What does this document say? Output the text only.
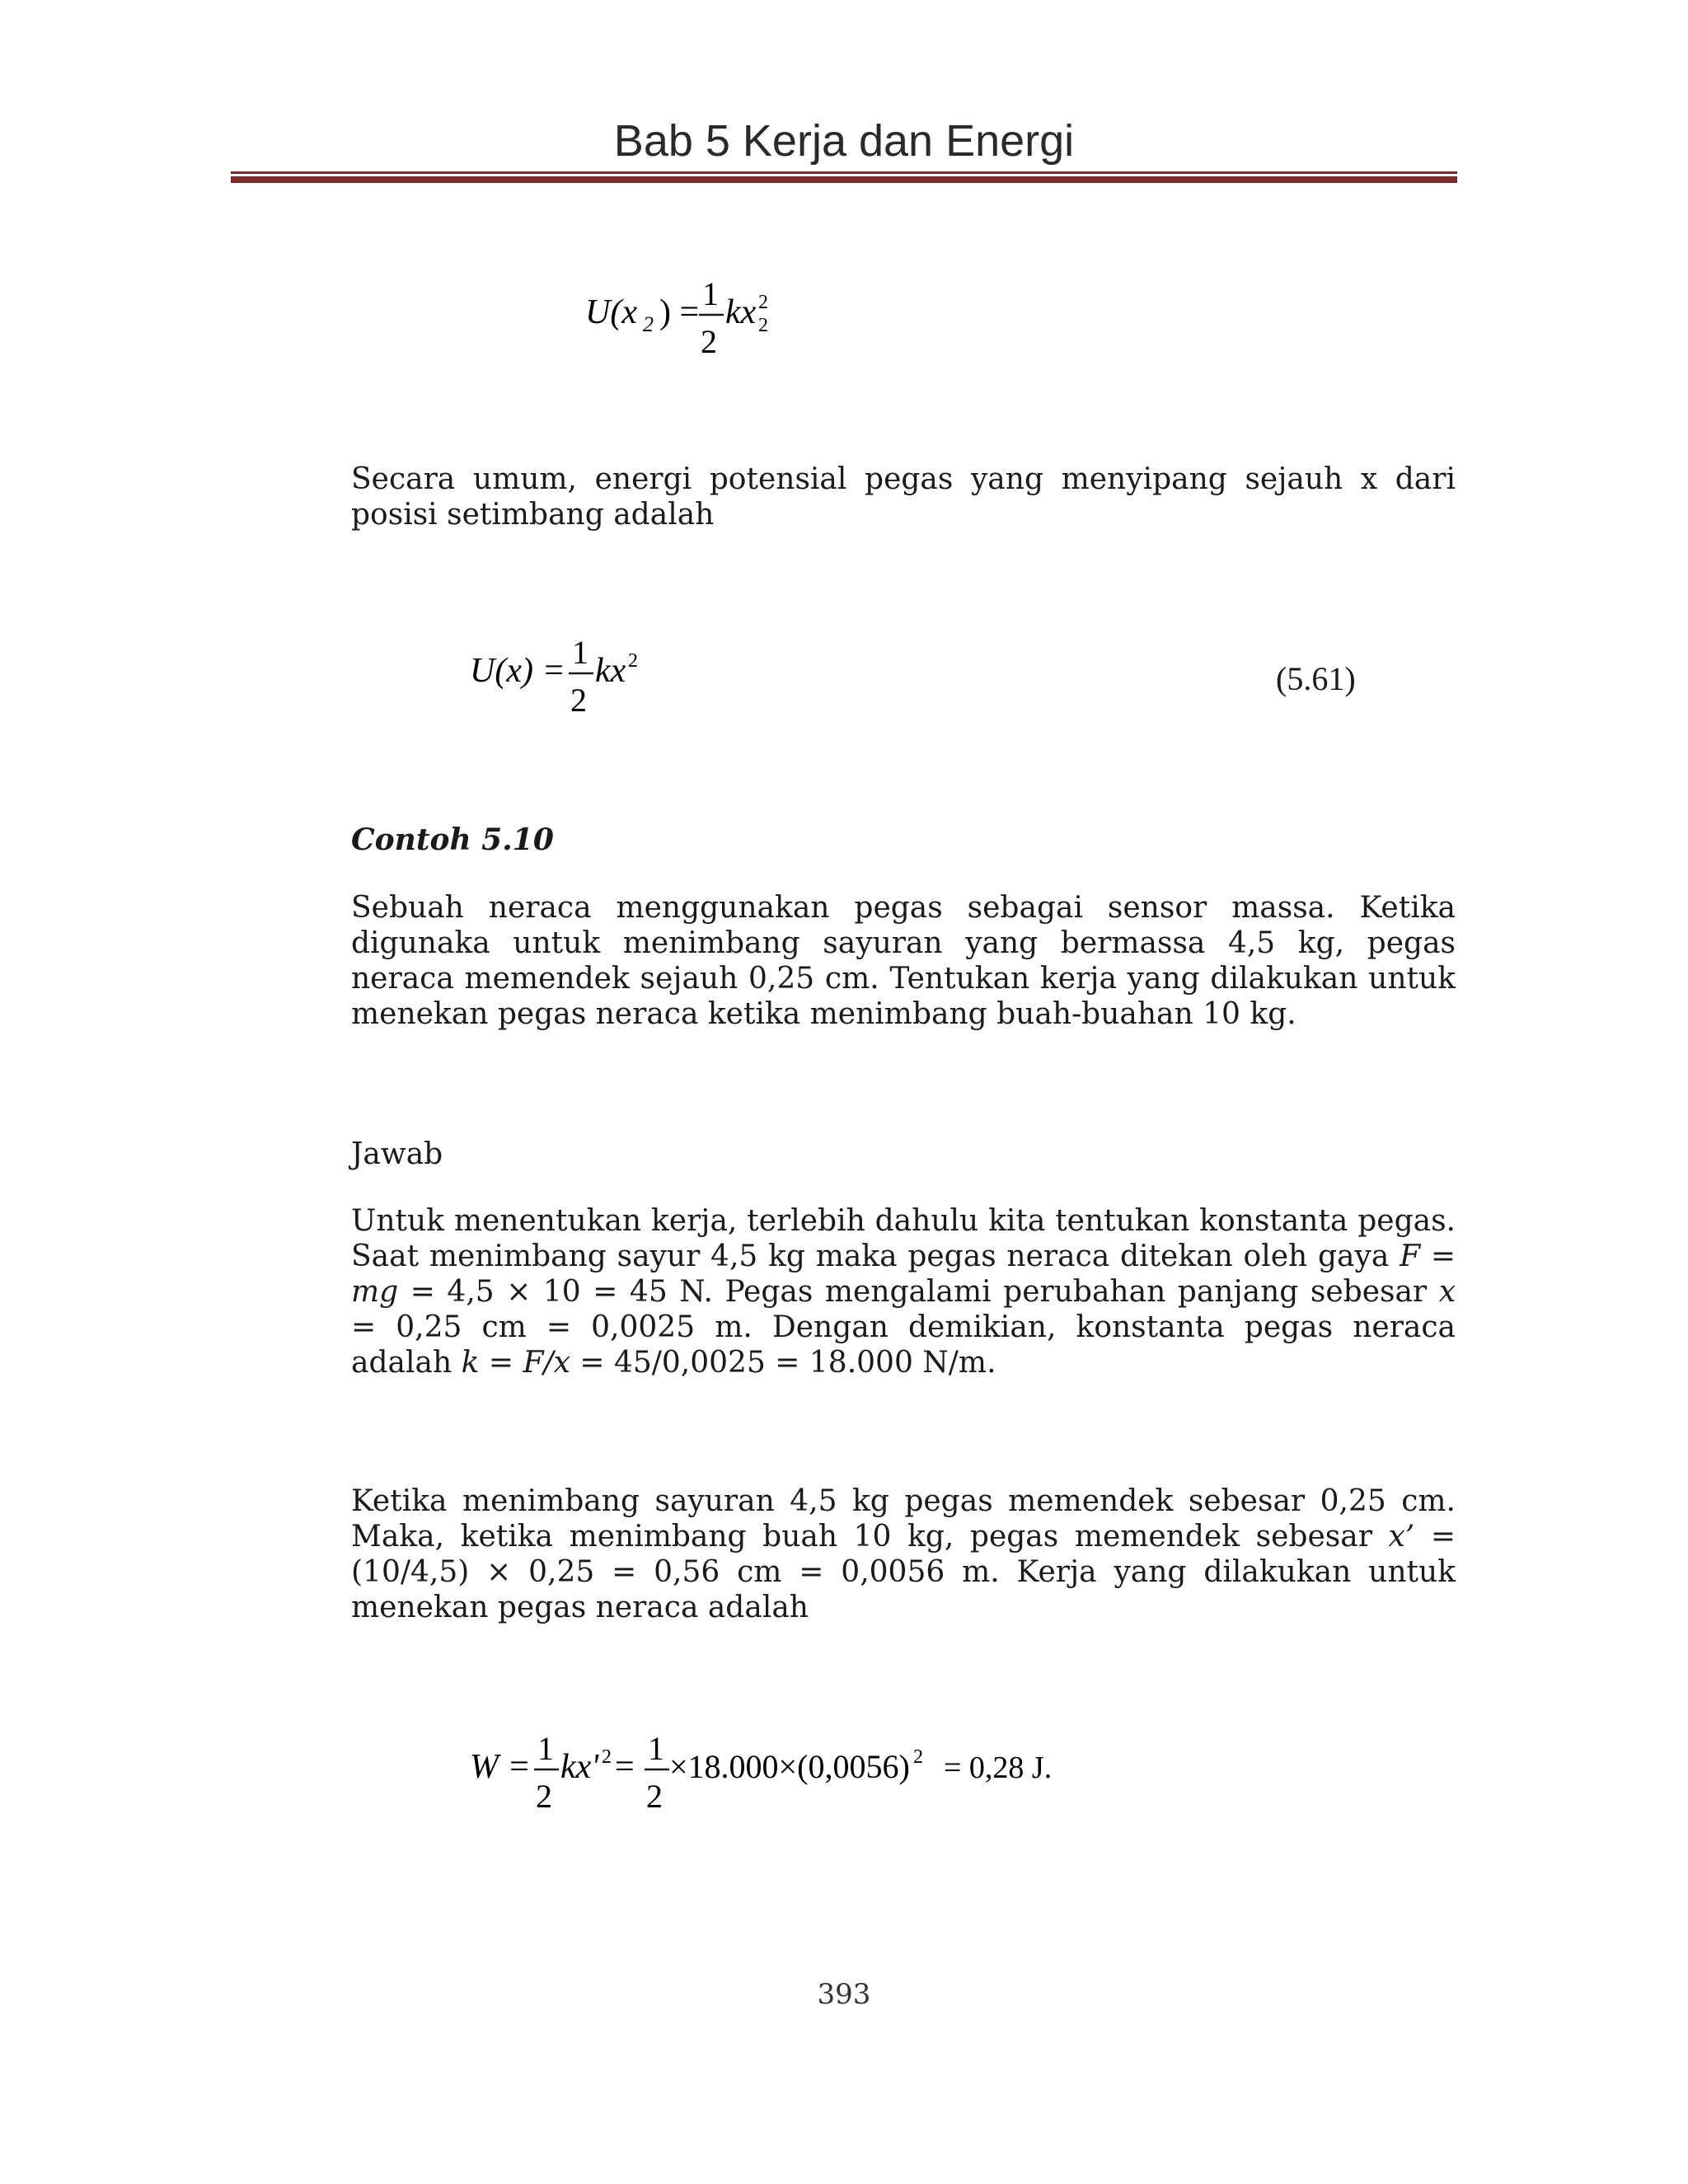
Bab 5 Kerja dan Energi
U(x 2 ) = 1
2
kx 2
2

Secara umum, energi potensial pegas yang menyipang sejauh x dari posisi setimbang adalah

U(x) = 1
2
kx 2	(5.61)

Contoh 5.10

Sebuah neraca menggunakan pegas sebagai sensor massa. Ketika digunaka untuk menimbang sayuran yang bermassa 4,5 kg, pegas neraca memendek sejauh 0,25 cm. Tentukan kerja yang dilakukan untuk menekan pegas neraca ketika menimbang buah-buahan 10 kg.

Jawab

Untuk menentukan kerja, terlebih dahulu kita tentukan konstanta pegas. Saat menimbang sayur 4,5 kg maka pegas neraca ditekan oleh gaya F = mg = 4,5 × 10 = 45 N. Pegas mengalami perubahan panjang sebesar x = 0,25 cm = 0,0025 m. Dengan demikian, konstanta pegas neraca adalah k = F/x = 45/0,0025 = 18.000 N/m.

Ketika menimbang sayuran 4,5 kg pegas memendek sebesar 0,25 cm. Maka, ketika menimbang buah 10 kg, pegas memendek sebesar x’ = (10/4,5) × 0,25 = 0,56 cm = 0,0056 m. Kerja yang dilakukan untuk menekan pegas neraca adalah

W = 1
2
kx' 2 = 1
2
×18.000×(0,0056) 2 = 0,28 J.
393
